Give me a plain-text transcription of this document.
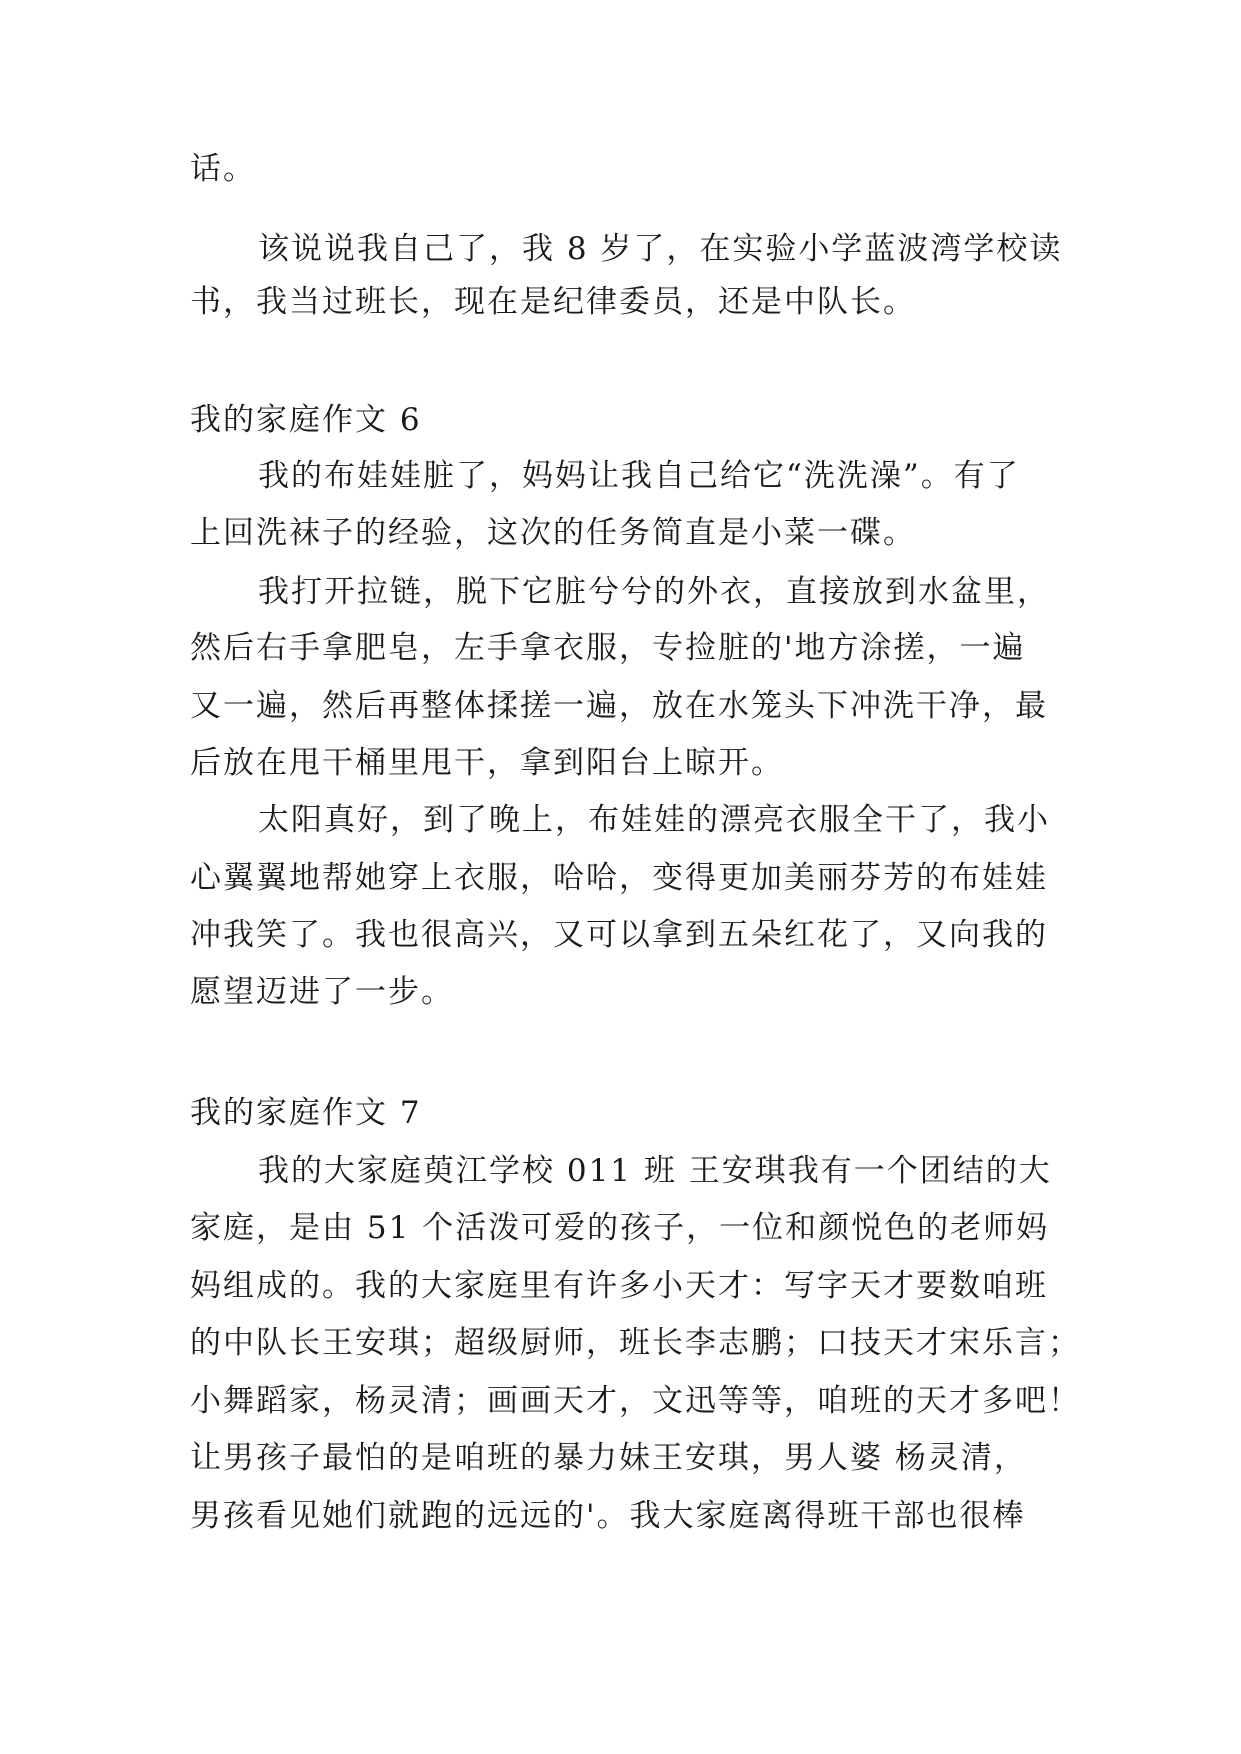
话。
该说说我自己了，我 8 岁了，在实验小学蓝波湾学校读
书，我当过班长，现在是纪律委员，还是中队长。
我的家庭作文 6
我的布娃娃脏了，妈妈让我自己给它“洗洗澡”。有了
上回洗袜子的经验，这次的任务简直是小菜一碟。
我打开拉链，脱下它脏兮兮的外衣，直接放到水盆里，
然后右手拿肥皂，左手拿衣服，专捡脏的'地方涂搓，一遍
又一遍，然后再整体揉搓一遍，放在水笼头下冲洗干净，最
后放在甩干桶里甩干，拿到阳台上晾开。
太阳真好，到了晚上，布娃娃的漂亮衣服全干了，我小
心翼翼地帮她穿上衣服，哈哈，变得更加美丽芬芳的布娃娃
冲我笑了。我也很高兴，又可以拿到五朵红花了，又向我的
愿望迈进了一步。
我的家庭作文 7
我的大家庭萸江学校 011 班 王安琪我有一个团结的大
家庭，是由 51 个活泼可爱的孩子，一位和颜悦色的老师妈
妈组成的。我的大家庭里有许多小天才：写字天才要数咱班
的中队长王安琪；超级厨师，班长李志鹏；口技天才宋乐言；
小舞蹈家，杨灵清；画画天才，文迅等等，咱班的天才多吧！
让男孩子最怕的是咱班的暴力妹王安琪，男人婆 杨灵清，
男孩看见她们就跑的远远的'。我大家庭离得班干部也很棒
